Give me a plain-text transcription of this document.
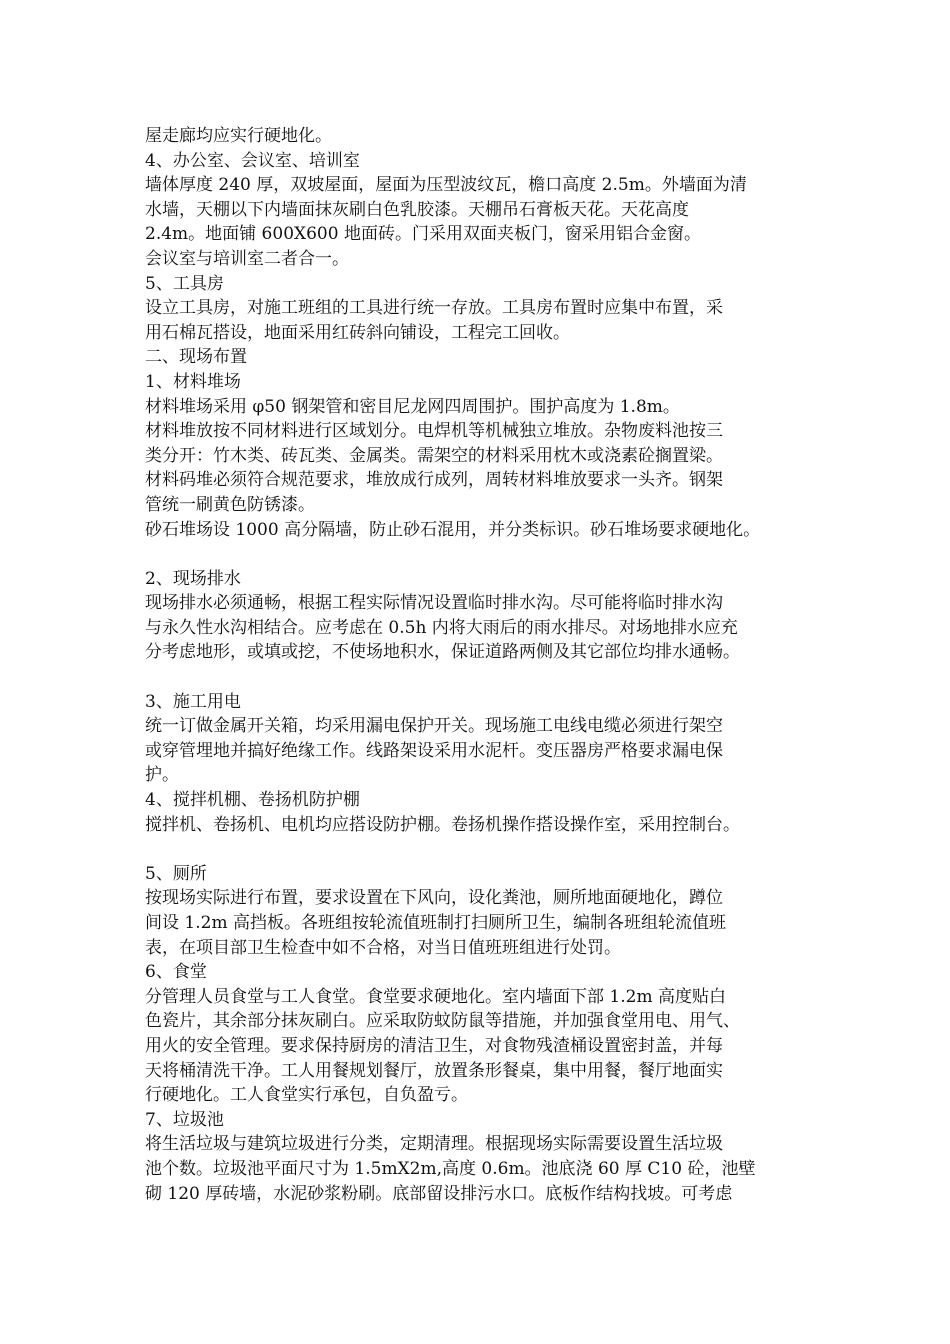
屋走廊均应实行硬地化。
4、办公室、会议室、培训室
墙体厚度 240 厚，双坡屋面，屋面为压型波纹瓦，檐口高度 2.5m。外墙面为清
水墙，天棚以下内墙面抹灰刷白色乳胶漆。天棚吊石膏板天花。天花高度
2.4m。地面铺 600X600 地面砖。门采用双面夹板门，窗采用铝合金窗。
会议室与培训室二者合一。
5、工具房
设立工具房，对施工班组的工具进行统一存放。工具房布置时应集中布置，采
用石棉瓦搭设，地面采用红砖斜向铺设，工程完工回收。
二、现场布置
1、材料堆场
材料堆场采用 φ50 钢架管和密目尼龙网四周围护。围护高度为 1.8m。
材料堆放按不同材料进行区域划分。电焊机等机械独立堆放。杂物废料池按三
类分开：竹木类、砖瓦类、金属类。需架空的材料采用枕木或浇素砼搁置梁。
材料码堆必须符合规范要求，堆放成行成列，周转材料堆放要求一头齐。钢架
管统一刷黄色防锈漆。
砂石堆场设 1000 高分隔墙，防止砂石混用，并分类标识。砂石堆场要求硬地化。
2、现场排水
现场排水必须通畅，根据工程实际情况设置临时排水沟。尽可能将临时排水沟
与永久性水沟相结合。应考虑在 0.5h 内将大雨后的雨水排尽。对场地排水应充
分考虑地形，或填或挖，不使场地积水，保证道路两侧及其它部位均排水通畅。
3、施工用电
统一订做金属开关箱，均采用漏电保护开关。现场施工电线电缆必须进行架空
或穿管埋地并搞好绝缘工作。线路架设采用水泥杆。变压器房严格要求漏电保
护。
4、搅拌机棚、卷扬机防护棚
搅拌机、卷扬机、电机均应搭设防护棚。卷扬机操作搭设操作室，采用控制台。
5、厕所
按现场实际进行布置，要求设置在下风向，设化粪池，厕所地面硬地化，蹲位
间设 1.2m 高挡板。各班组按轮流值班制打扫厕所卫生，编制各班组轮流值班
表，在项目部卫生检查中如不合格，对当日值班班组进行处罚。
6、食堂
分管理人员食堂与工人食堂。食堂要求硬地化。室内墙面下部 1.2m 高度贴白
色瓷片，其余部分抹灰刷白。应采取防蚊防鼠等措施，并加强食堂用电、用气、
用火的安全管理。要求保持厨房的清洁卫生，对食物残渣桶设置密封盖，并每
天将桶清洗干净。工人用餐规划餐厅，放置条形餐桌，集中用餐，餐厅地面实
行硬地化。工人食堂实行承包，自负盈亏。
7、垃圾池
将生活垃圾与建筑垃圾进行分类，定期清理。根据现场实际需要设置生活垃圾
池个数。垃圾池平面尺寸为 1.5mX2m,高度 0.6m。池底浇 60 厚 C10 砼，池壁
砌 120 厚砖墙，水泥砂浆粉刷。底部留设排污水口。底板作结构找坡。可考虑
